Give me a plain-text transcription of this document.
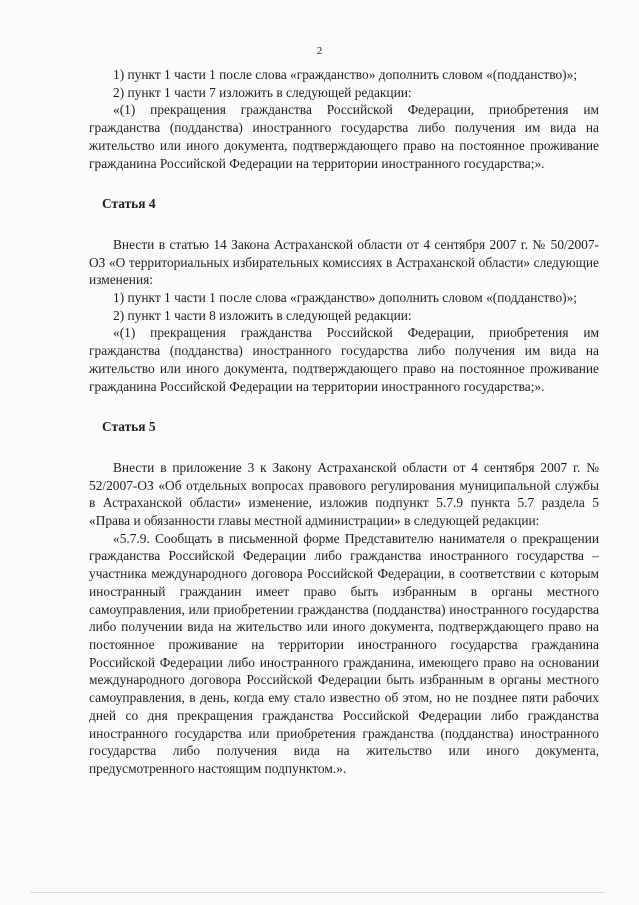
2

1) пункт 1 части 1 после слова «гражданство» дополнить словом «(подданство)»;

2) пункт 1 части 7 изложить в следующей редакции:

«(1) прекращения гражданства Российской Федерации, приобретения им гражданства (подданства) иностранного государства либо получения им вида на жительство или иного документа, подтверждающего право на постоянное проживание гражданина Российской Федерации на территории иностранного государства;».

Статья 4

Внести в статью 14 Закона Астраханской области от 4 сентября 2007 г. № 50/2007-ОЗ «О территориальных избирательных комиссиях в Астраханской области» следующие изменения:

1) пункт 1 части 1 после слова «гражданство» дополнить словом «(подданство)»;

2) пункт 1 части 8 изложить в следующей редакции:

«(1) прекращения гражданства Российской Федерации, приобретения им гражданства (подданства) иностранного государства либо получения им вида на жительство или иного документа, подтверждающего право на постоянное проживание гражданина Российской Федерации на территории иностранного государства;».

Статья 5

Внести в приложение 3 к Закону Астраханской области от 4 сентября 2007 г. № 52/2007-ОЗ «Об отдельных вопросах правового регулирования муниципальной службы в Астраханской области» изменение, изложив подпункт 5.7.9 пункта 5.7 раздела 5 «Права и обязанности главы местной администрации» в следующей редакции:

«5.7.9. Сообщать в письменной форме Представителю нанимателя о прекращении гражданства Российской Федерации либо гражданства иностранного государства – участника международного договора Российской Федерации, в соответствии с которым иностранный гражданин имеет право быть избранным в органы местного самоуправления, или приобретении гражданства (подданства) иностранного государства либо получении вида на жительство или иного документа, подтверждающего право на постоянное проживание на территории иностранного государства гражданина Российской Федерации либо иностранного гражданина, имеющего право на основании международного договора Российской Федерации быть избранным в органы местного самоуправления, в день, когда ему стало известно об этом, но не позднее пяти рабочих дней со дня прекращения гражданства Российской Федерации либо гражданства иностранного государства или приобретения гражданства (подданства) иностранного государства либо получения вида на жительство или иного документа, предусмотренного настоящим подпунктом.».
